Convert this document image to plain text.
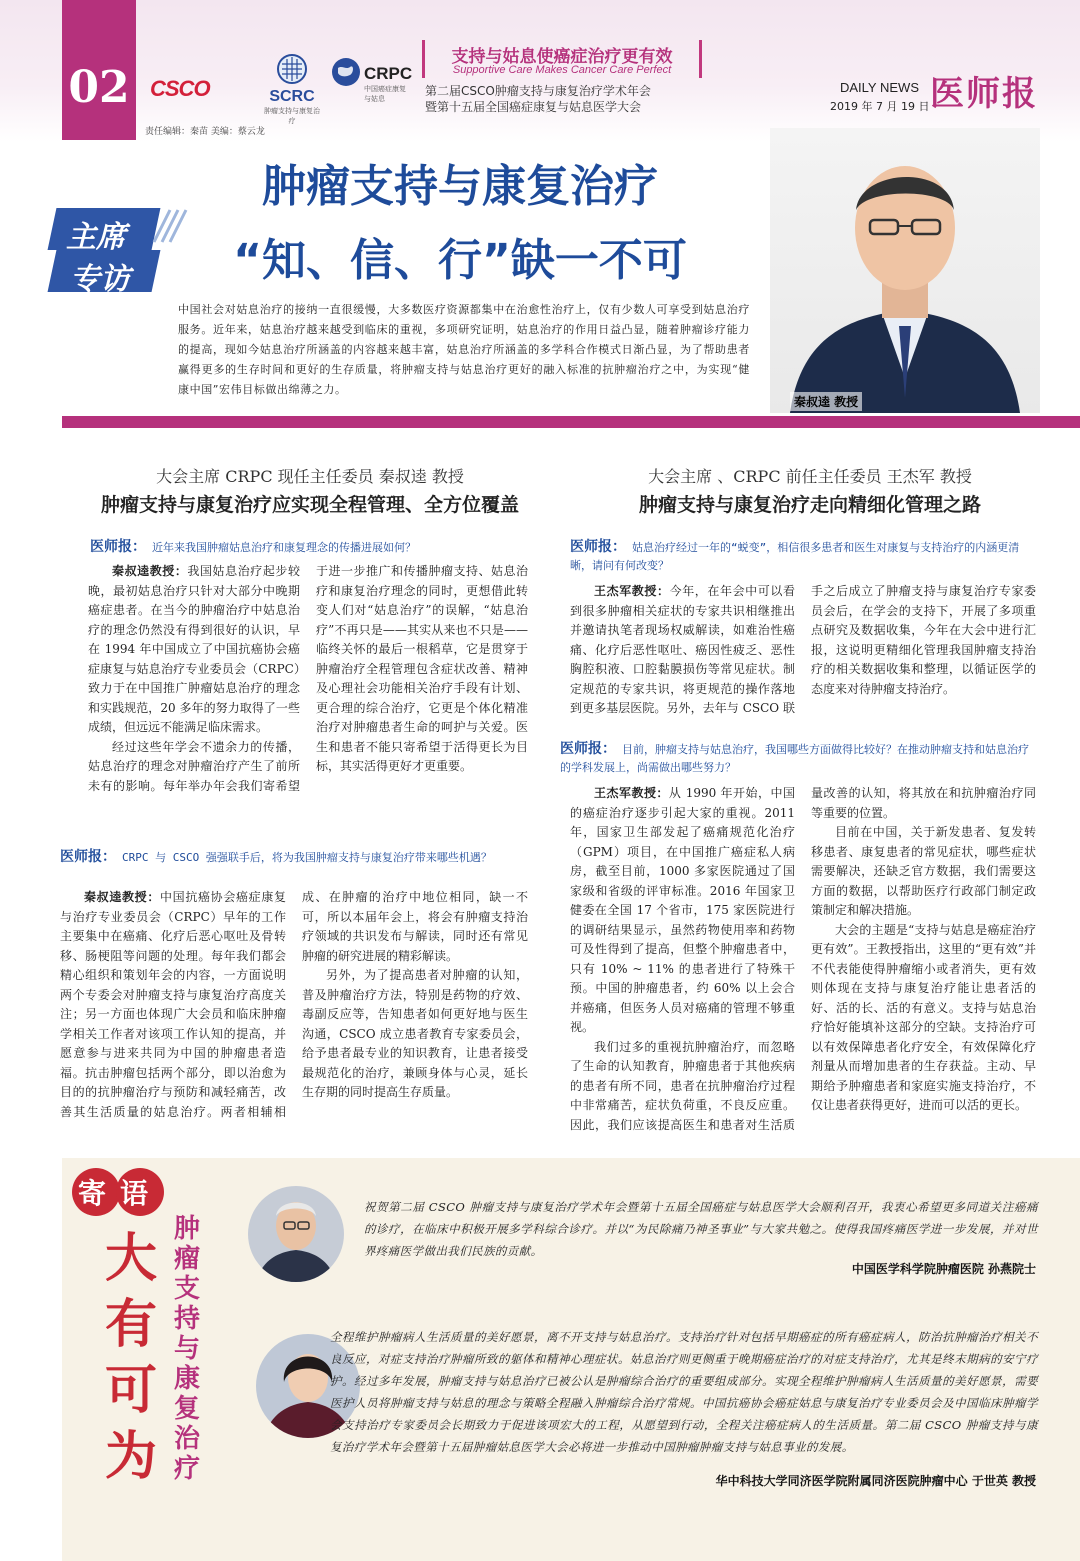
02 CSCO	SCRC
肿瘤支持与康复治疗
CRPC
中国癌症康复与姑息
支持与姑息使癌症治疗更有效
Supportive Care Makes Cancer Care Perfect
第二届CSCO肿瘤支持与康复治疗学术年会
暨第十五届全国癌症康复与姑息医学大会
DAILY NEWS
2019 年 7 月 19 日 医师报
责任编辑：秦苗 美编：蔡云龙
主席
专访
肿瘤支持与康复治疗
“知、信、行”缺一不可
中国社会对姑息治疗的接纳一直很缓慢，大多数医疗资源都集中在治愈性治疗上，仅有少数人可享受到姑息治疗服务。近年来，姑息治疗越来越受到临床的重视，多项研究证明，姑息治疗的作用日益凸显，随着肿瘤诊疗能力的提高，现如今姑息治疗所涵盖的内容越来越丰富，姑息治疗所涵盖的多学科合作模式日渐凸显，为了帮助患者赢得更多的生存时间和更好的生存质量，将肿瘤支持与姑息治疗更好的融入标准的抗肿瘤治疗之中，为实现“健康中国”宏伟目标做出绵薄之力。
秦叔逵 教授
大会主席 CRPC 现任主任委员 秦叔逵 教授
肿瘤支持与康复治疗应实现全程管理、全方位覆盖
医师报： 近年来我国肿瘤姑息治疗和康复理念的传播进展如何？

秦叔逵教授：我国姑息治疗起步较晚，最初姑息治疗只针对大部分中晚期癌症患者。在当今的肿瘤治疗中姑息治疗的理念仍然没有得到很好的认识，早在 1994 年中国成立了中国抗癌协会癌症康复与姑息治疗专业委员会（CRPC）致力于在中国推广肿瘤姑息治疗的理念和实践规范，20 多年的努力取得了一些成绩，但远远不能满足临床需求。

经过这些年学会不遗余力的传播，姑息治疗的理念对肿瘤治疗产生了前所未有的影响。每年举办年会我们寄希望于进一步推广和传播肿瘤支持、姑息治疗和康复治疗理念的同时，更想借此转变人们对“姑息治疗”的误解，“姑息治疗”不再只是——其实从来也不只是——临终关怀的最后一根稻草，它是贯穿于肿瘤治疗全程管理包含症状改善、精神及心理社会功能相关治疗手段有计划、更合理的综合治疗，它更是个体化精准治疗对肿瘤患者生命的呵护与关爱。医生和患者不能只寄希望于活得更长为目标，其实活得更好才更重要。

医师报： CRPC 与 CSCO 强强联手后，将为我国肿瘤支持与康复治疗带来哪些机遇？

秦叔逵教授：中国抗癌协会癌症康复与治疗专业委员会（CRPC）早年的工作主要集中在癌痛、化疗后恶心呕吐及骨转移、肠梗阻等问题的处理。每年我们都会精心组织和策划年会的内容，一方面说明两个专委会对肿瘤支持与康复治疗高度关注；另一方面也体现广大会员和临床肿瘤学相关工作者对该项工作认知的提高，并愿意参与进来共同为中国的肿瘤患者造福。抗击肿瘤包括两个部分，即以治愈为目的的抗肿瘤治疗与预防和减轻痛苦，改善其生活质量的姑息治疗。两者相辅相成、在肿瘤的治疗中地位相同，缺一不可，所以本届年会上，将会有肿瘤支持治疗领域的共识发布与解读，同时还有常见肿瘤的研究进展的精彩解读。

另外，为了提高患者对肿瘤的认知，普及肿瘤治疗方法，特别是药物的疗效、毒副反应等，告知患者如何更好地与医生沟通，CSCO 成立患者教育专家委员会，给予患者最专业的知识教育，让患者接受最规范化的治疗，兼顾身体与心灵，延长生存期的同时提高生存质量。

大会主席 、CRPC 前任主任委员 王杰军 教授
肿瘤支持与康复治疗走向精细化管理之路
医师报： 姑息治疗经过一年的“蜕变”，相信很多患者和医生对康复与支持治疗的内涵更清晰，请问有何改变？

王杰军教授：今年，在年会中可以看到很多肿瘤相关症状的专家共识相继推出并邀请执笔者现场权威解读，如难治性癌痛、化疗后恶性呕吐、癌因性疲乏、恶性胸腔积液、口腔黏膜损伤等常见症状。制定规范的专家共识，将更规范的操作落地到更多基层医院。另外，去年与 CSCO 联手之后成立了肿瘤支持与康复治疗专家委员会后，在学会的支持下，开展了多项重点研究及数据收集，今年在大会中进行汇报，这说明更精细化管理我国肿瘤支持治疗的相关数据收集和整理，以循证医学的态度来对待肿瘤支持治疗。

医师报： 目前，肿瘤支持与姑息治疗，我国哪些方面做得比较好？在推动肿瘤支持和姑息治疗的学科发展上，尚需做出哪些努力？

王杰军教授：从 1990 年开始，中国的癌症治疗逐步引起大家的重视。2011 年，国家卫生部发起了癌痛规范化治疗（GPM）项目，在中国推广癌症私人病房，截至目前，1000 多家医院通过了国家级和省级的评审标准。2016 年国家卫健委在全国 17 个省市，175 家医院进行的调研结果显示，虽然药物使用率和药物可及性得到了提高，但整个肿瘤患者中，只有 10% ~ 11% 的患者进行了特殊干预。中国的肿瘤患者，约 60% 以上会合并癌痛，但医务人员对癌痛的管理不够重视。

我们过多的重视抗肿瘤治疗，而忽略了生命的认知教育，肿瘤患者于其他疾病的患者有所不同，患者在抗肿瘤治疗过程中非常痛苦，症状负荷重，不良反应重。因此，我们应该提高医生和患者对生活质量改善的认知，将其放在和抗肿瘤治疗同等重要的位置。

目前在中国，关于新发患者、复发转移患者、康复患者的常见症状，哪些症状需要解决，还缺乏官方数据，我们需要这方面的数据，以帮助医疗行政部门制定政策制定和解决措施。

大会的主题是“支持与姑息是癌症治疗更有效”。王教授指出，这里的“更有效”并不代表能使得肿瘤缩小或者消失，更有效则体现在支持与康复治疗能让患者活的好、活的长、活的有意义。支持与姑息治疗恰好能填补这部分的空缺。支持治疗可以有效保障患者化疗安全，有效保障化疗剂量从而增加患者的生存获益。主动、早期给予肿瘤患者和家庭实施支持治疗，不仅让患者获得更好，进而可以活的更长。

寄语
大有可为
肿瘤支持与康复治疗
祝贺第二届 CSCO 肿瘤支持与康复治疗学术年会暨第十五届全国癌症与姑息医学大会顺利召开，我衷心希望更多同道关注癌痛的诊疗，在临床中积极开展多学科综合诊疗。并以“为民除痛乃神圣事业”与大家共勉之。使得我国疼痛医学进一步发展，并对世界疼痛医学做出我们民族的贡献。
中国医学科学院肿瘤医院 孙燕院士
全程维护肿瘤病人生活质量的美好愿景，离不开支持与姑息治疗。支持治疗针对包括早期癌症的所有癌症病人，防治抗肿瘤治疗相关不良反应，对症支持治疗肿瘤所致的躯体和精神心理症状。姑息治疗则更侧重于晚期癌症治疗的对症支持治疗，尤其是终末期病的安宁疗护。经过多年发展，肿瘤支持与姑息治疗已被公认是肿瘤综合治疗的重要组成部分。实现全程维护肿瘤病人生活质量的美好愿景，需要医护人员将肿瘤支持与姑息的理念与策略全程融入肿瘤综合治疗常规。中国抗癌协会癌症姑息与康复治疗专业委员会及中国临床肿瘤学会支持治疗专家委员会长期致力于促进该项宏大的工程，从愿望到行动，全程关注癌症病人的生活质量。第二届 CSCO 肿瘤支持与康复治疗学术年会暨第十五届肿瘤姑息医学大会必将进一步推动中国肿瘤肿瘤支持与姑息事业的发展。
华中科技大学同济医学院附属同济医院肿瘤中心 于世英 教授
